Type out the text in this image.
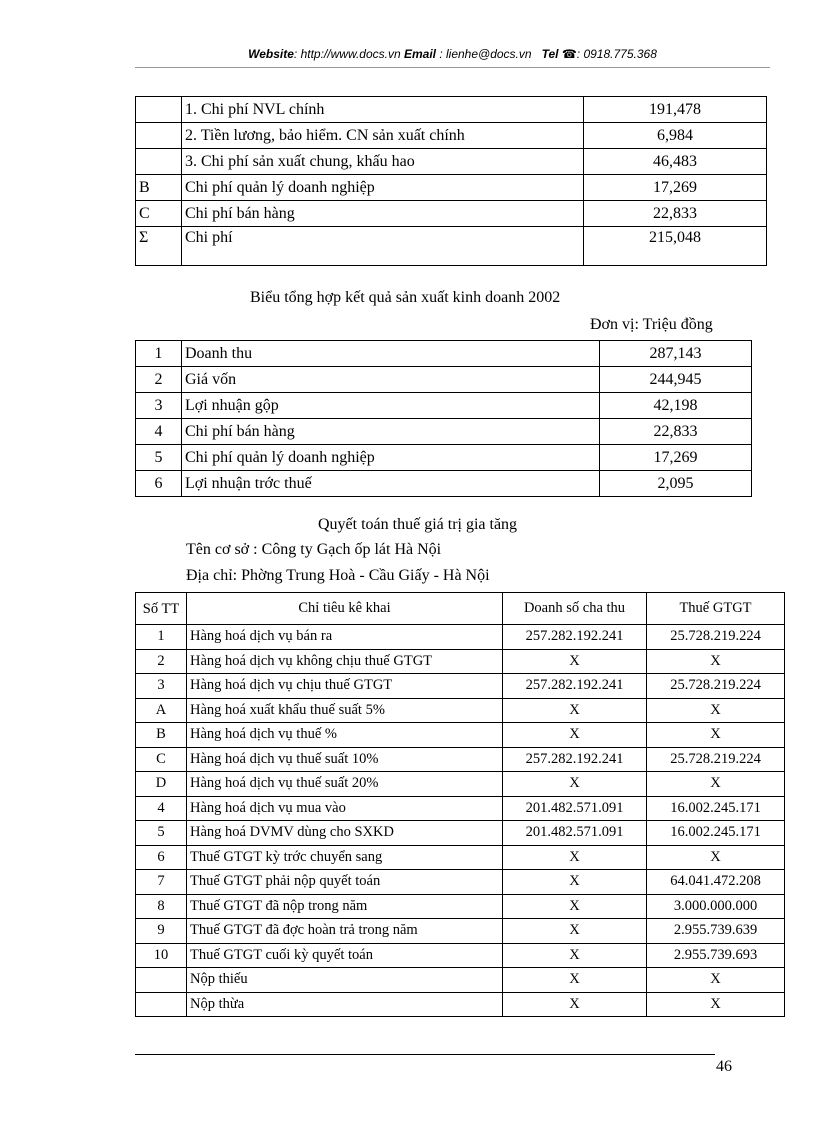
Website: http://www.docs.vn Email : lienhe@docs.vn Tel ☎: 0918.775.368
	1. Chi phí NVL chính	191,478
	2. Tiền lương, bảo hiểm. CN sản xuất chính	6,984
	3. Chi phí sản xuất chung, khấu hao	46,483
B	Chi phí quản lý doanh nghiệp	17,269
C	Chi phí bán hàng	22,833
Σ	Chi phí	215,048
Biểu tổng hợp kết quả sản xuất kinh doanh 2002
Đơn vị: Triệu đồng
1	Doanh thu	287,143
2	Giá vốn	244,945
3	Lợi nhuận gộp	42,198
4	Chi phí bán hàng	22,833
5	Chi phí quản lý doanh nghiệp	17,269
6	Lợi nhuận trớc thuế	2,095
Quyết toán thuế giá trị gia tăng
Tên cơ sở : Công ty Gạch ốp lát Hà Nội
Địa chỉ: Phờng Trung Hoà - Cầu Giấy - Hà Nội
Số TT	Chỉ tiêu kê khai	Doanh số cha thu	Thuế GTGT
1	Hàng hoá dịch vụ bán ra	257.282.192.241	25.728.219.224
2	Hàng hoá dịch vụ không chịu thuế GTGT	X	X
3	Hàng hoá dịch vụ chịu thuế GTGT	257.282.192.241	25.728.219.224
A	Hàng hoá xuất khẩu thuế suất 5%	X	X
B	Hàng hoá dịch vụ thuế %	X	X
C	Hàng hoá dịch vụ thuế suất 10%	257.282.192.241	25.728.219.224
D	Hàng hoá dịch vụ thuế suất 20%	X	X
4	Hàng hoá dịch vụ mua vào	201.482.571.091	16.002.245.171
5	Hàng hoá DVMV dùng cho SXKD	201.482.571.091	16.002.245.171
6	Thuế GTGT kỳ trớc chuyển sang	X	X
7	Thuế GTGT phải nộp quyết toán	X	64.041.472.208
8	Thuế GTGT đã nộp trong năm	X	3.000.000.000
9	Thuế GTGT đã đợc hoàn trả trong năm	X	2.955.739.639
10	Thuế GTGT cuối kỳ quyết toán	X	2.955.739.693
	Nộp thiếu	X	X
	Nộp thừa	X	X
46
